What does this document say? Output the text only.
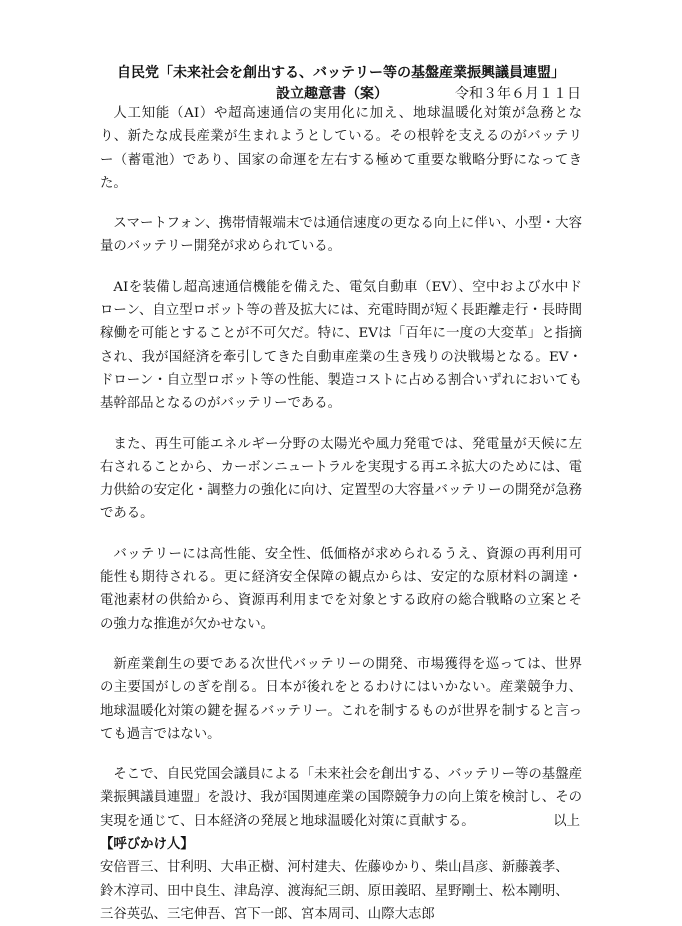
自民党「未来社会を創出する、バッテリー等の基盤産業振興議員連盟」
設立趣意書（案）	令和３年６月１１日

人工知能（AI）や超高速通信の実用化に加え、地球温暖化対策が急務となり、新たな成長産業が生まれようとしている。その根幹を支えるのがバッテリー（蓄電池）であり、国家の命運を左右する極めて重要な戦略分野になってきた。

スマートフォン、携帯情報端末では通信速度の更なる向上に伴い、小型・大容量のバッテリー開発が求められている。

AIを装備し超高速通信機能を備えた、電気自動車（EV）、空中および水中ドローン、自立型ロボット等の普及拡大には、充電時間が短く長距離走行・長時間稼働を可能とすることが不可欠だ。特に、EVは「百年に一度の大変革」と指摘され、我が国経済を牽引してきた自動車産業の生き残りの決戦場となる。EV・ドローン・自立型ロボット等の性能、製造コストに占める割合いずれにおいても基幹部品となるのがバッテリーである。

また、再生可能エネルギー分野の太陽光や風力発電では、発電量が天候に左右されることから、カーボンニュートラルを実現する再エネ拡大のためには、電力供給の安定化・調整力の強化に向け、定置型の大容量バッテリーの開発が急務である。

バッテリーには高性能、安全性、低価格が求められるうえ、資源の再利用可能性も期待される。更に経済安全保障の観点からは、安定的な原材料の調達・電池素材の供給から、資源再利用までを対象とする政府の総合戦略の立案とその強力な推進が欠かせない。

新産業創生の要である次世代バッテリーの開発、市場獲得を巡っては、世界の主要国がしのぎを削る。日本が後れをとるわけにはいかない。産業競争力、地球温暖化対策の鍵を握るバッテリー。これを制するものが世界を制すると言っても過言ではない。

そこで、自民党国会議員による「未来社会を創出する、バッテリー等の基盤産業振興議員連盟」を設け、我が国関連産業の国際競争力の向上策を検討し、その実現を通じて、日本経済の発展と地球温暖化対策に貢献する。	以上

【呼びかけ人】

安倍晋三、甘利明、大串正樹、河村建夫、佐藤ゆかり、柴山昌彦、新藤義孝、鈴木淳司、田中良生、津島淳、渡海紀三朗、原田義昭、星野剛士、松本剛明、三谷英弘、三宅伸吾、宮下一郎、宮本周司、山際大志郎
